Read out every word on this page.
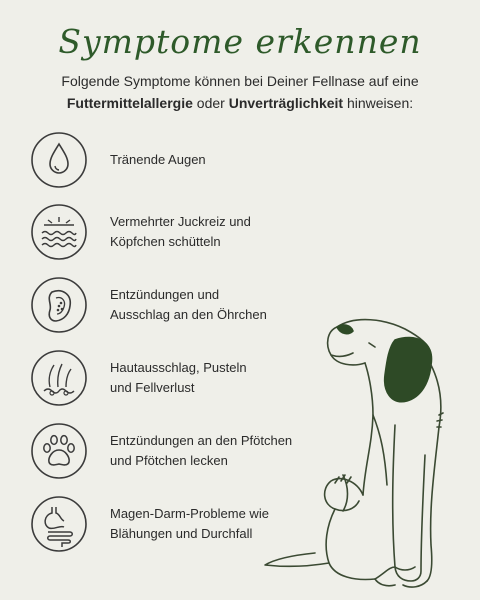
Symptome erkennen
Folgende Symptome können bei Deiner Fellnase auf eine
Futtermittelallergie oder Unverträglichkeit hinweisen:
Tränende Augen
Vermehrter Juckreiz und
Köpfchen schütteln
Entzündungen und
Ausschlag an den Öhrchen
Hautausschlag, Pusteln
und Fellverlust
Entzündungen an den Pfötchen
und Pfötchen lecken
Magen-Darm-Probleme wie
Blähungen und Durchfall
